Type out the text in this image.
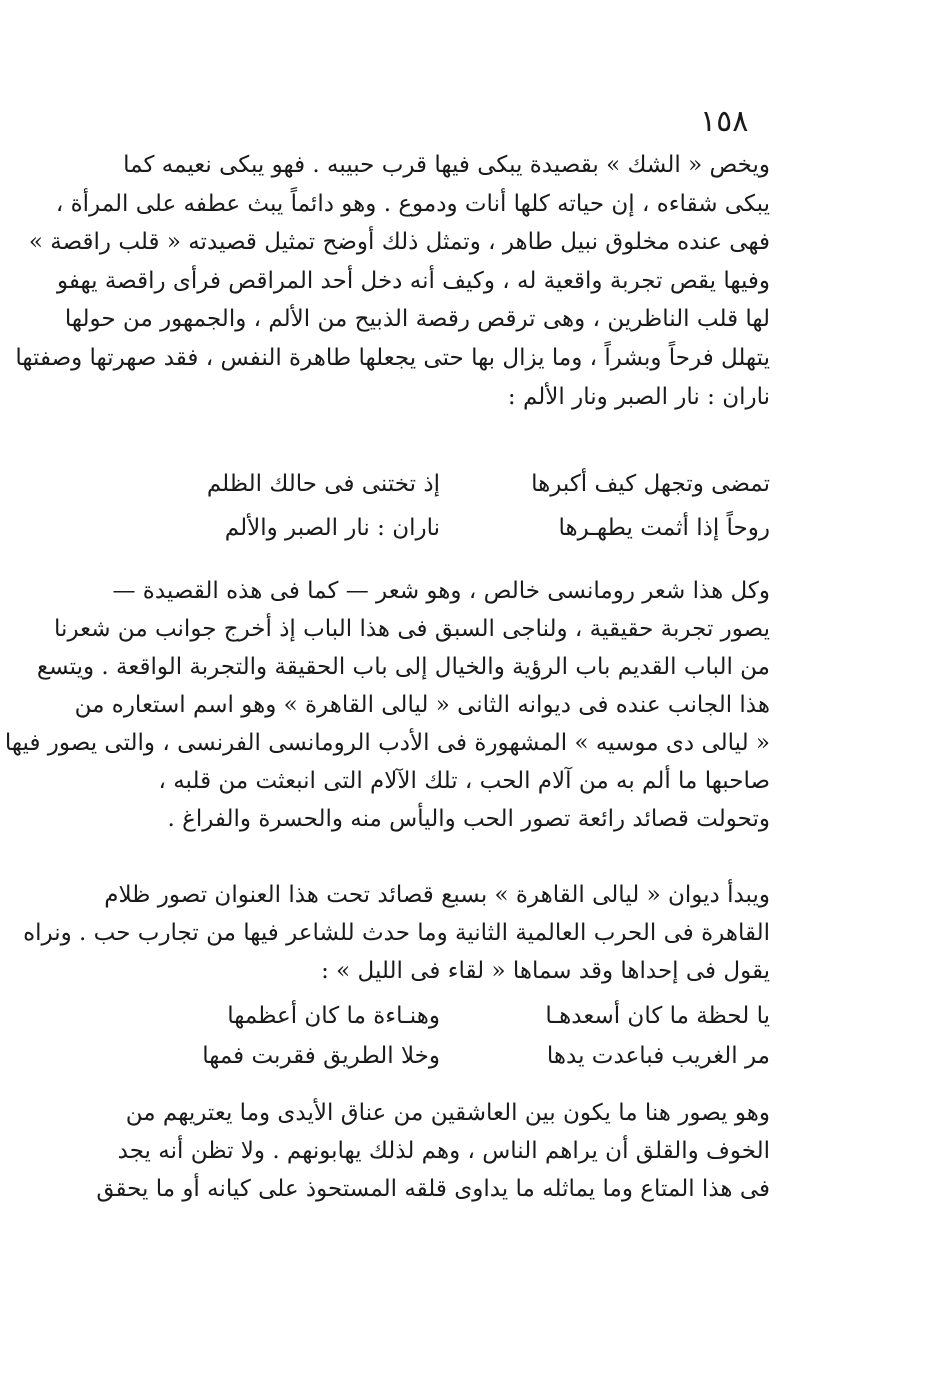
١٥٨
ويخص « الشك » بقصيدة يبكى فيها قرب حبيبه . فهو يبكى نعيمه كما
يبكى شقاءه ، إن حياته كلها أنات ودموع . وهو دائماً يبث عطفه على المرأة ،
فهى عنده مخلوق نبيل طاهر ، وتمثل ذلك أوضح تمثيل قصيدته « قلب راقصة »
وفيها يقص تجربة واقعية له ، وكيف أنه دخل أحد المراقص فرأى راقصة يهفو
لها قلب الناظرين ، وهى ترقص رقصة الذبيح من الألم ، والجمهور من حولها
يتهلل فرحاً وبشراً ، وما يزال بها حتى يجعلها طاهرة النفس ، فقد صهرتها وصفتها
ناران : نار الصبر ونار الألم :
تمضى وتجهل كيف أكبرها
إذ تختنى فى حالك الظلم
روحاً إذا أثمت يطهـرها
ناران : نار الصبر والألم
وكل هذا شعر رومانسى خالص ، وهو شعر — كما فى هذه القصيدة —
يصور تجربة حقيقية ، ولناجى السبق فى هذا الباب إذ أخرج جوانب من شعرنا
من الباب القديم باب الرؤية والخيال إلى باب الحقيقة والتجربة الواقعة . ويتسع
هذا الجانب عنده فى ديوانه الثانى « ليالى القاهرة » وهو اسم استعاره من
« ليالى دى موسيه » المشهورة فى الأدب الرومانسى الفرنسى ، والتى يصور فيها
صاحبها ما ألم به من آلام الحب ، تلك الآلام التى انبعثت من قلبه ،
وتحولت قصائد رائعة تصور الحب واليأس منه والحسرة والفراغ .
ويبدأ ديوان « ليالى القاهرة » بسبع قصائد تحت هذا العنوان تصور ظلام
القاهرة فى الحرب العالمية الثانية وما حدث للشاعر فيها من تجارب حب . ونراه
يقول فى إحداها وقد سماها « لقاء فى الليل » :
يا لحظة ما كان أسعدهـا
وهنـاءة ما كان أعظمها
مر الغريب فباعدت يدها
وخلا الطريق فقربت فمها
وهو يصور هنا ما يكون بين العاشقين من عناق الأيدى وما يعتريهم من
الخوف والقلق أن يراهم الناس ، وهم لذلك يهابونهم . ولا تظن أنه يجد
فى هذا المتاع وما يماثله ما يداوى قلقه المستحوذ على كيانه أو ما يحقق
